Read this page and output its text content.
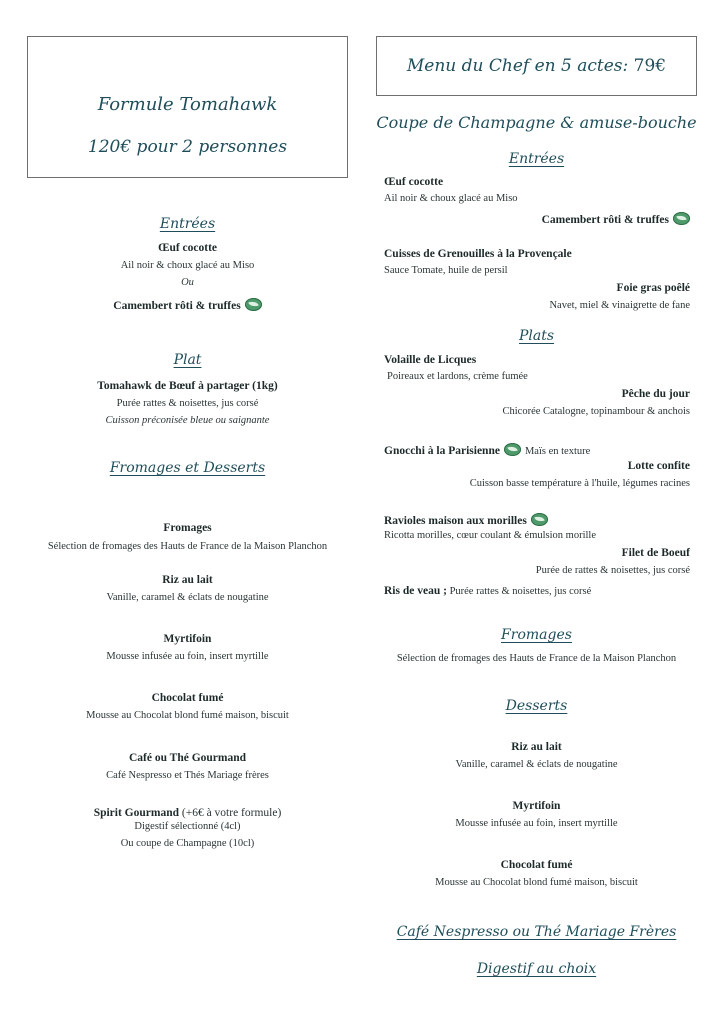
Formule Tomahawk
120€ pour 2 personnes
Entrées
Œuf cocotte
Ail noir & choux glacé au Miso
Ou
Camembert rôti & truffes
Plat
Tomahawk de Bœuf à partager (1kg)
Purée rattes & noisettes, jus corsé
Cuisson préconisée bleue ou saignante
Fromages et Desserts
Fromages
Sélection de fromages des Hauts de France de la Maison Planchon
Riz au lait
Vanille, caramel & éclats de nougatine
Myrtifoin
Mousse infusée au foin, insert myrtille
Chocolat fumé
Mousse au Chocolat blond fumé maison, biscuit
Café ou Thé Gourmand
Café Nespresso et Thés Mariage frères
Spirit Gourmand (+6€ à votre formule)
Digestif sélectionné (4cl)
Ou coupe de Champagne (10cl)
Menu du Chef en 5 actes: 79€
Coupe de Champagne & amuse-bouche
Entrées
Œuf cocotte
Ail noir & choux glacé au Miso
Camembert rôti & truffes
Cuisses de Grenouilles à la Provençale
Sauce Tomate, huile de persil
Foie gras poêlé
Navet, miel & vinaigrette de fane
Plats
Volaille de Licques
Poireaux et lardons, crème fumée
Pêche du jour
Chicorée Catalogne, topinambour & anchois
Gnocchi à la Parisienne Maïs en texture
Lotte confite
Cuisson basse température à l'huile, légumes racines
Ravioles maison aux morilles
Ricotta morilles, cœur coulant & émulsion morille
Filet de Boeuf
Purée de rattes & noisettes, jus corsé
Ris de veau ; Purée rattes & noisettes, jus corsé
Fromages
Sélection de fromages des Hauts de France de la Maison Planchon
Desserts
Riz au lait
Vanille, caramel & éclats de nougatine
Myrtifoin
Mousse infusée au foin, insert myrtille
Chocolat fumé
Mousse au Chocolat blond fumé maison, biscuit
Café Nespresso ou Thé Mariage Frères
Digestif au choix
